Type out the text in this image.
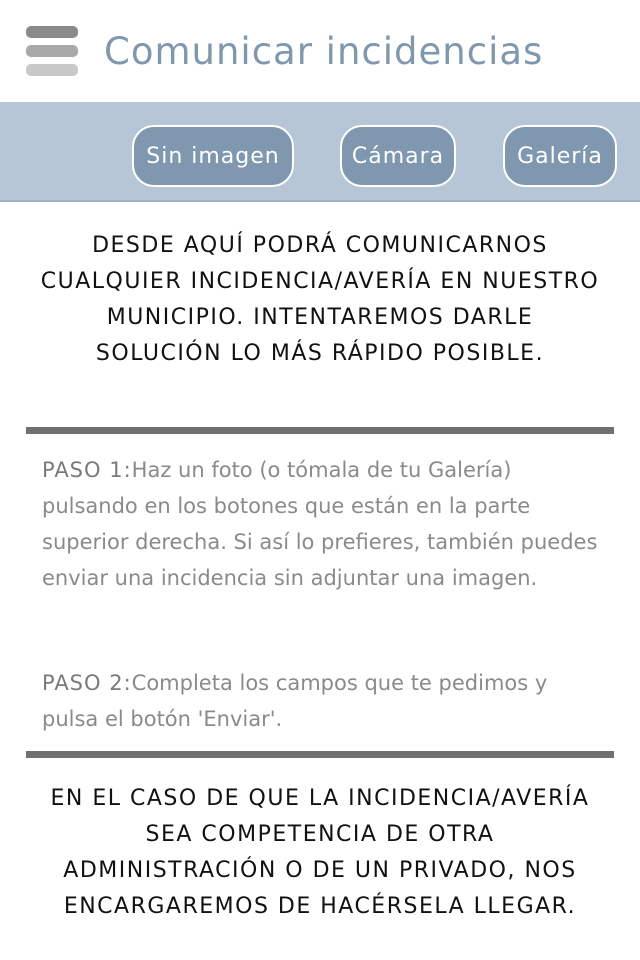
Comunicar incidencias
Sin imagen	Cámara	Galería
DESDE AQUÍ PODRÁ COMUNICARNOS CUALQUIER INCIDENCIA/AVERÍA EN NUESTRO MUNICIPIO. INTENTAREMOS DARLE SOLUCIÓN LO MÁS RÁPIDO POSIBLE.
PASO 1:Haz un foto (o tómala de tu Galería) pulsando en los botones que están en la parte superior derecha. Si así lo prefieres, también puedes enviar una incidencia sin adjuntar una imagen.
PASO 2:Completa los campos que te pedimos y pulsa el botón 'Enviar'.
EN EL CASO DE QUE LA INCIDENCIA/AVERÍA SEA COMPETENCIA DE OTRA ADMINISTRACIÓN O DE UN PRIVADO, NOS ENCARGAREMOS DE HACÉRSELA LLEGAR.
